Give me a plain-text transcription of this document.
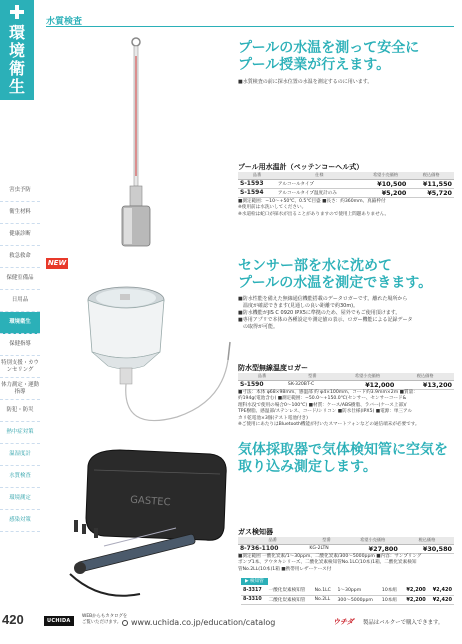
環
境
衛
生
害虫予防
衛生材料
健康診断
救急救命
保健室備品
日用品
環境衛生
保健指導
特別支援・カウンセリング
体力測定・運動指導
防犯・防災
熱中症対策
温湿度計
水質検査
環境測定
感染対策
420
水質検査
プールの水温を測って安全に
プール授業が行えます。
■水質検査の前に探水位置の水温を測定するのに用います。
プール用水温計（ペッテンコーヘル式）
品番	仕様	希望小売価格	税込価格
S-1593	アルコールタイプ	¥10,500	¥11,550
S-1594	アルコールタイプ温度計のみ	¥5,200	¥5,720
■測定範囲：−10〜+50℃、0.5℃目盛 ■長さ：約360mm、真鍮枠付
※使用前は水洗いしてください。
※水道栓は蛇口が採水が出ることがありますので使用上問題ありません。
NEW	センサー部を水に沈めて
プールの水温を測定できます。
■防水性能を備えた無線通信機能搭載のデータロガーです。離れた場所から
　温度が確認できます(見通しの良い距離で約30m)。
■防水機能がJIS C 0920 IPX5に準拠のため、屋外でもご使用頂けます。
■専用アプリで本体の各種設定や測定値の表示、ロガー機能による記録データ
　の取得が可能。
防水型無線温度ロガー
品番	型番	希望小売価格	税込価格
S-1590	SK-320BT-C	¥12,000	¥13,200
■寸法：本体 φ68×98mm、感温部 約 φ4×100mm、コード約3.9mm×2m ■質量：
約194g(電池含む) ■測定範囲：−50.0〜+150.0℃(センサー、センサーコード&
理科水没で使用の場合0〜100℃) ■材質：ケース/ABS樹脂、ラバー(ケース上部)/
TPE樹脂、感温部/ステンレス、コード/シリコン ■防水仕様(IPX5) ■電源：単三アル
カリ乾電池×3個(テスト電池付き)
※ご使用にあたりはBluetooth機能が付いたスマートフォンなどの通信端末が必要です。
GASTEC
気体採取器で気体検知管に空気を
取り込み測定します。
ガス検知器
品番	型番	希望小売価格	税込価格
8-736-1100	KG-2LTN	¥27,800	¥30,580
■測定範囲 一酸化炭素/1〜30ppm、二酸化炭素/300〜5000ppm ■内容：サンプリング
ポンプ1本、アウタキシリーズ、二酸化炭素検知管No.1LC(10本)1箱、二酸化炭素検知
管No.2LL(10本)1箱 ■携帯用レザーケース付
▶ 検知管
8-3317	一酸化炭素検知管	No.1LC	1〜30ppm	10本組	¥2,200	¥2,420
8-3310	二酸化炭素検知管	No.2LL	300〜5000ppm	10本組	¥2,200	¥2,420
UCHIDA
WEBからもカタログを
ご覧いただけます。	www.uchida.co.jp/education/catalog	ウチダ 製品はバルクーで購入できます。
